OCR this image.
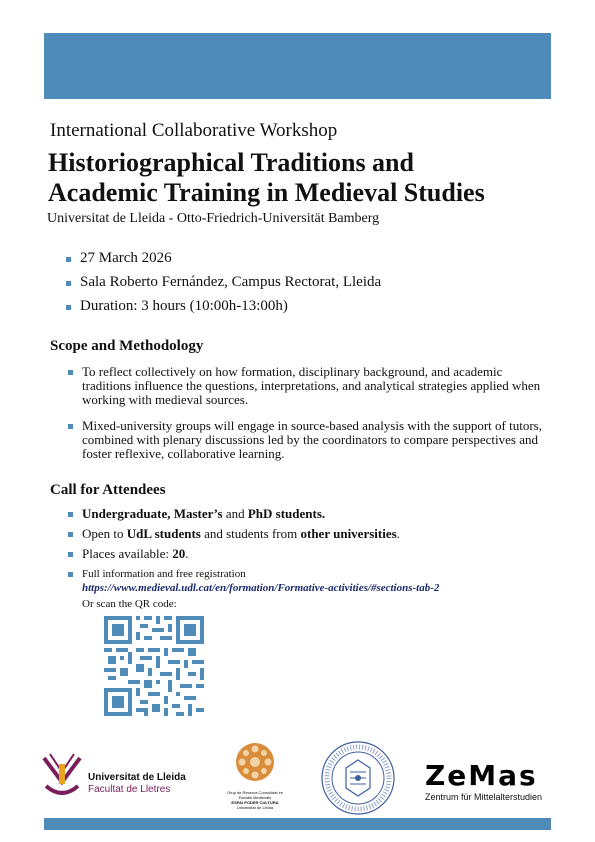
International Collaborative Workshop
Historiographical Traditions and
Academic Training in Medieval Studies
Universitat de Lleida - Otto-Friedrich-Universität Bamberg
27 March 2026
Sala Roberto Fernández, Campus Rectorat, Lleida
Duration: 3 hours (10:00h-13:00h)
Scope and Methodology
To reflect collectively on how formation, disciplinary background, and academic traditions influence the questions, interpretations, and analytical strategies applied when working with medieval sources.
Mixed-university groups will engage in source-based analysis with the support of tutors, combined with plenary discussions led by the coordinators to compare perspectives and foster reflexive, collaborative learning.
Call for Attendees
Undergraduate, Master’s and PhD students.
Open to UdL students and students from other universities.
Places available: 20.
Full information and free registration
https://www.medieval.udl.cat/en/formation/Formative-activities/#sections-tab-2
Or scan the QR code:
Universitat de Lleida
Facultat de Lletres	Grup de Recerca Consolidat en
Estudis Medievals
ESPAI PODER CULTURA
Universitat de Lleida
ZeMas
Zentrum für Mittelalterstudien
